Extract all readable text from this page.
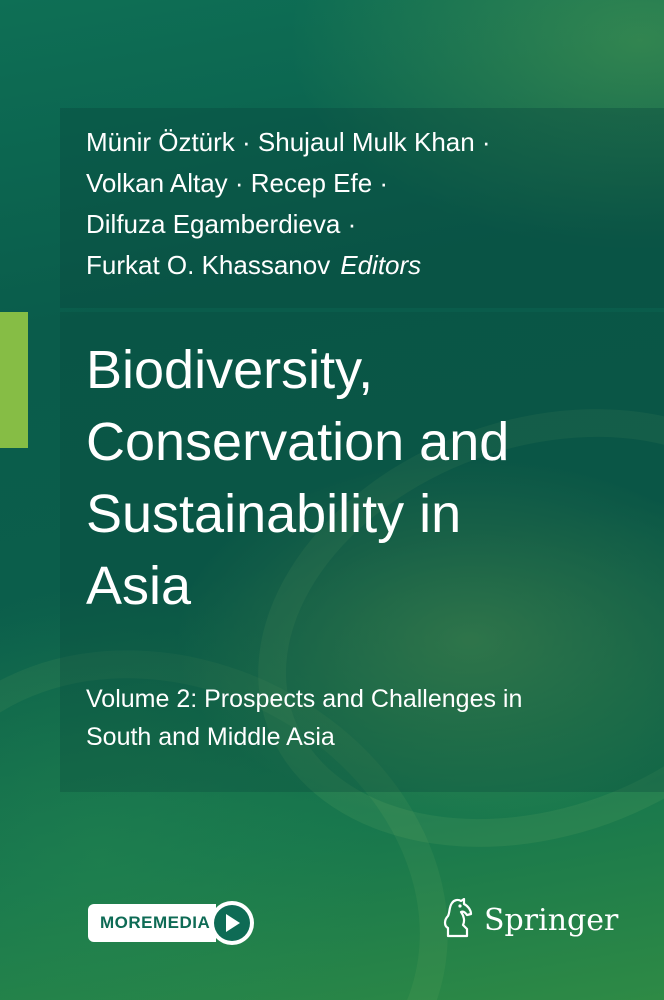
Münir Öztürk · Shujaul Mulk Khan ·
Volkan Altay · Recep Efe ·
Dilfuza Egamberdieva ·
Furkat O. Khassanov Editors
Biodiversity,
Conservation and
Sustainability in
Asia
Volume 2: Prospects and Challenges in
South and Middle Asia
MOREMEDIA	Springer
